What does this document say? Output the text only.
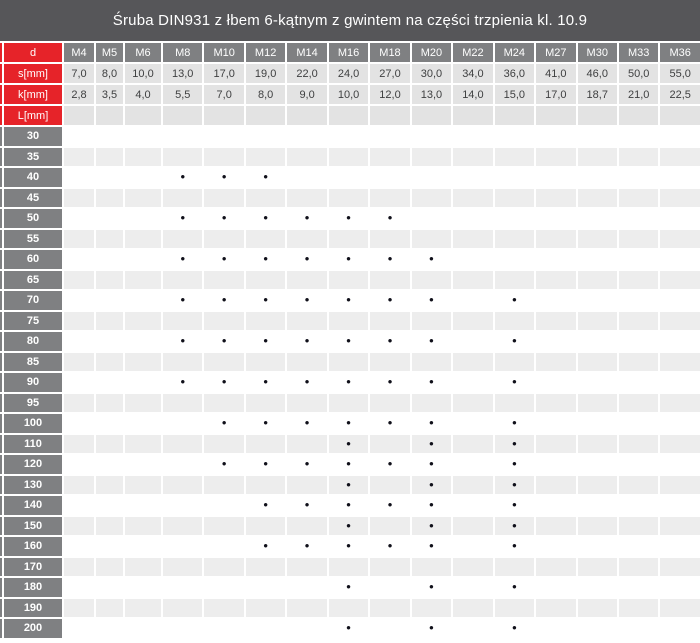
Śruba DIN931 z łbem 6-kątnym z gwintem na części trzpienia kl. 10.9																	
	d	M4	M5	M6	M8	M10	M12	M14	M16	M18	M20	M22	M24	M27	M30	M33	M36
	s[mm]	7,0	8,0	10,0	13,0	17,0	19,0	22,0	24,0	27,0	30,0	34,0	36,0	41,0	46,0	50,0	55,0
	k[mm]	2,8	3,5	4,0	5,5	7,0	8,0	9,0	10,0	12,0	13,0	14,0	15,0	17,0	18,7	21,0	22,5
	L[mm]																
	30																
	35																
	40				•	•	•										
	45																
	50				•	•	•	•	•	•							
	55																
	60				•	•	•	•	•	•	•						
	65																
	70				•	•	•	•	•	•	•		•				
	75																
	80				•	•	•	•	•	•	•		•				
	85																
	90				•	•	•	•	•	•	•		•				
	95																
	100					•	•	•	•	•	•		•				
	110								•		•		•				
	120					•	•	•	•	•	•		•				
	130								•		•		•				
	140						•	•	•	•	•		•				
	150								•		•		•				
	160						•	•	•	•	•		•				
	170																
	180								•		•		•				
	190																
	200								•		•		•				
